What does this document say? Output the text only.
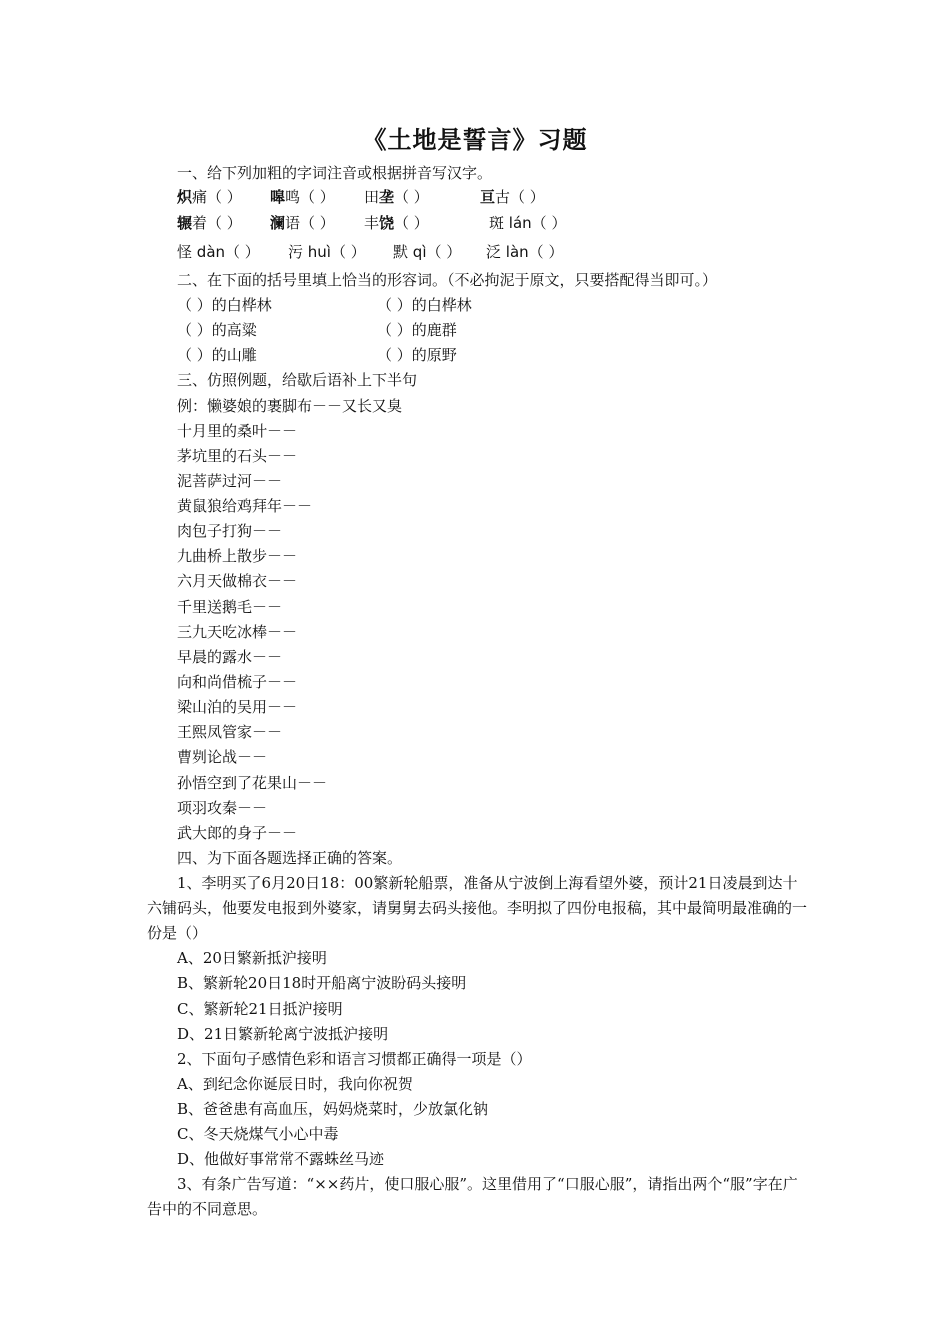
《土地是誓言》习题
一、给下列加粗的字词注音或根据拼音写汉字。
炽痛（ ） 嗥鸣（ ） 田垄（ ）	亘古（ ）
辗着（ ） 澜语（ ） 丰饶（ ）	斑 lán（ ）
怪 dàn（ ） 污 huì（ ） 默 qì（ ） 泛 làn（ ）
二、在下面的括号里填上恰当的形容词。（不必拘泥于原文，只要搭配得当即可。）
（ ）的白桦林	（ ）的白桦林
（ ）的高粱	（ ）的鹿群
（ ）的山雕	（ ）的原野
三、仿照例题，给歇后语补上下半句
例：懒婆娘的裹脚布－－又长又臭
十月里的桑叶－－
茅坑里的石头－－
泥菩萨过河－－
黄鼠狼给鸡拜年－－
肉包子打狗－－
九曲桥上散步－－
六月天做棉衣－－
千里送鹅毛－－
三九天吃冰棒－－
早晨的露水－－
向和尚借梳子－－
梁山泊的吴用－－
王熙凤管家－－
曹刿论战－－
孙悟空到了花果山－－
项羽攻秦－－
武大郎的身子－－
四、为下面各题选择正确的答案。
1、李明买了6月20日18：00繁新轮船票，准备从宁波倒上海看望外婆，预计21日凌晨到达十六铺码头，他要发电报到外婆家，请舅舅去码头接他。李明拟了四份电报稿，其中最简明最准确的一份是（）
A、20日繁新抵沪接明
B、繁新轮20日18时开船离宁波盼码头接明
C、繁新轮21日抵沪接明
D、21日繁新轮离宁波抵沪接明
2、下面句子感情色彩和语言习惯都正确得一项是（）
A、到纪念你诞辰日时，我向你祝贺
B、爸爸患有高血压，妈妈烧菜时，少放氯化钠
C、冬天烧煤气小心中毒
D、他做好事常常不露蛛丝马迹
3、有条广告写道：“××药片，使口服心服”。这里借用了“口服心服”，请指出两个“服”字在广告中的不同意思。
